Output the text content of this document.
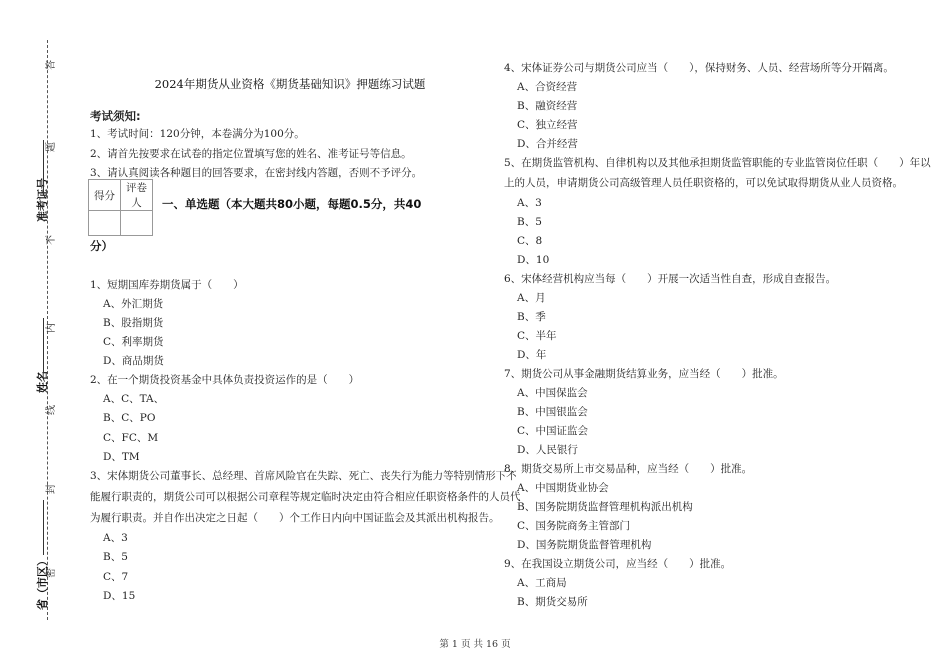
答
题
不
内
线
封
密
准考证号
姓名
省（市区）
2024年期货从业资格《期货基础知识》押题练习试题
考试须知:
1、考试时间：120分钟，本卷满分为100分。
2、请首先按要求在试卷的指定位置填写您的姓名、准考证号等信息。
3、请认真阅读各种题目的回答要求，在密封线内答题，否则不予评分。
得分	评卷人
	一、单选题（本大题共80小题，每题0.5分，共40
分）
1、短期国库券期货属于（　　）
A、外汇期货
B、股指期货
C、利率期货
D、商品期货
2、在一个期货投资基金中具体负责投资运作的是（　　）
A、C、TA、
B、C、PO
C、FC、M
D、TM
3、宋体期货公司董事长、总经理、首席风险官在失踪、死亡、丧失行为能力等特别情形下不
能履行职责的，期货公司可以根据公司章程等规定临时决定由符合相应任职资格条件的人员代
为履行职责。并自作出决定之日起（　　）个工作日内向中国证监会及其派出机构报告。
A、3
B、5
C、7
D、15
4、宋体证券公司与期货公司应当（　　），保持财务、人员、经营场所等分开隔离。
A、合资经营
B、融资经营
C、独立经营
D、合并经营
5、在期货监管机构、自律机构以及其他承担期货监管职能的专业监管岗位任职（　　）年以
上的人员，申请期货公司高级管理人员任职资格的，可以免试取得期货从业人员资格。
A、3
B、5
C、8
D、10
6、宋体经营机构应当每（　　）开展一次适当性自查，形成自查报告。
A、月
B、季
C、半年
D、年
7、期货公司从事金融期货结算业务，应当经（　　）批准。
A、中国保监会
B、中国银监会
C、中国证监会
D、人民银行
8、期货交易所上市交易品种，应当经（　　）批准。
A、中国期货业协会
B、国务院期货监督管理机构派出机构
C、国务院商务主管部门
D、国务院期货监督管理机构
9、在我国设立期货公司，应当经（　　）批准。
A、工商局
B、期货交易所
第 1 页 共 16 页
